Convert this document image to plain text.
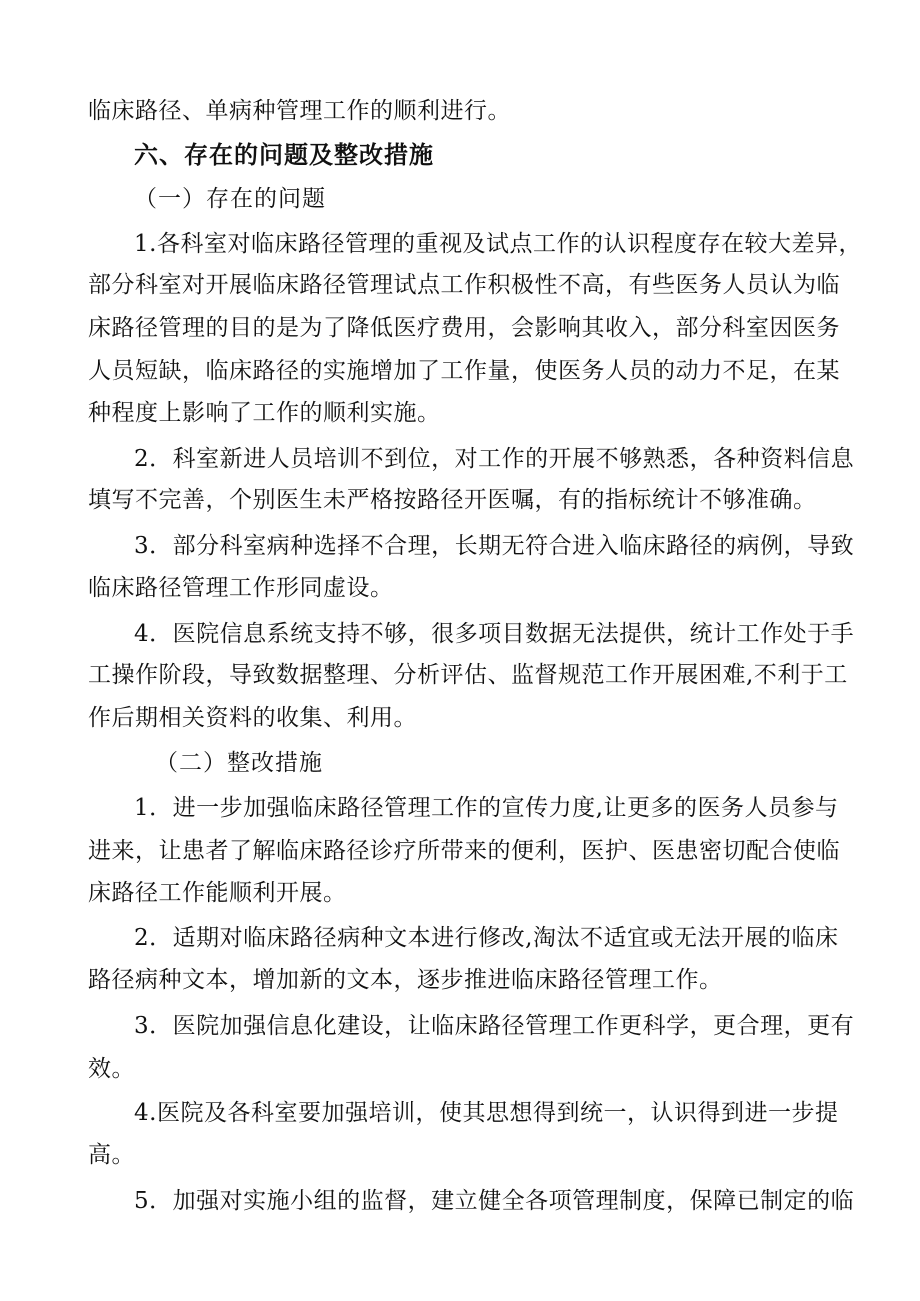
临床路径、单病种管理工作的顺利进行。
六、存在的问题及整改措施
（一）存在的问题
1.各科室对临床路径管理的重视及试点工作的认识程度存在较大差异，
部分科室对开展临床路径管理试点工作积极性不高，有些医务人员认为临
床路径管理的目的是为了降低医疗费用，会影响其收入，部分科室因医务
人员短缺，临床路径的实施增加了工作量，使医务人员的动力不足，在某
种程度上影响了工作的顺利实施。
2．科室新进人员培训不到位，对工作的开展不够熟悉，各种资料信息
填写不完善，个别医生未严格按路径开医嘱，有的指标统计不够准确。
3．部分科室病种选择不合理，长期无符合进入临床路径的病例，导致
临床路径管理工作形同虚设。
4．医院信息系统支持不够，很多项目数据无法提供，统计工作处于手
工操作阶段，导致数据整理、分析评估、监督规范工作开展困难,不利于工
作后期相关资料的收集、利用。
（二）整改措施
1．进一步加强临床路径管理工作的宣传力度,让更多的医务人员参与
进来，让患者了解临床路径诊疗所带来的便利，医护、医患密切配合使临
床路径工作能顺利开展。
2．适期对临床路径病种文本进行修改,淘汰不适宜或无法开展的临床
路径病种文本，增加新的文本，逐步推进临床路径管理工作。
3．医院加强信息化建设，让临床路径管理工作更科学，更合理，更有
效。
4.医院及各科室要加强培训，使其思想得到统一，认识得到进一步提
高。
5．加强对实施小组的监督，建立健全各项管理制度，保障已制定的临
